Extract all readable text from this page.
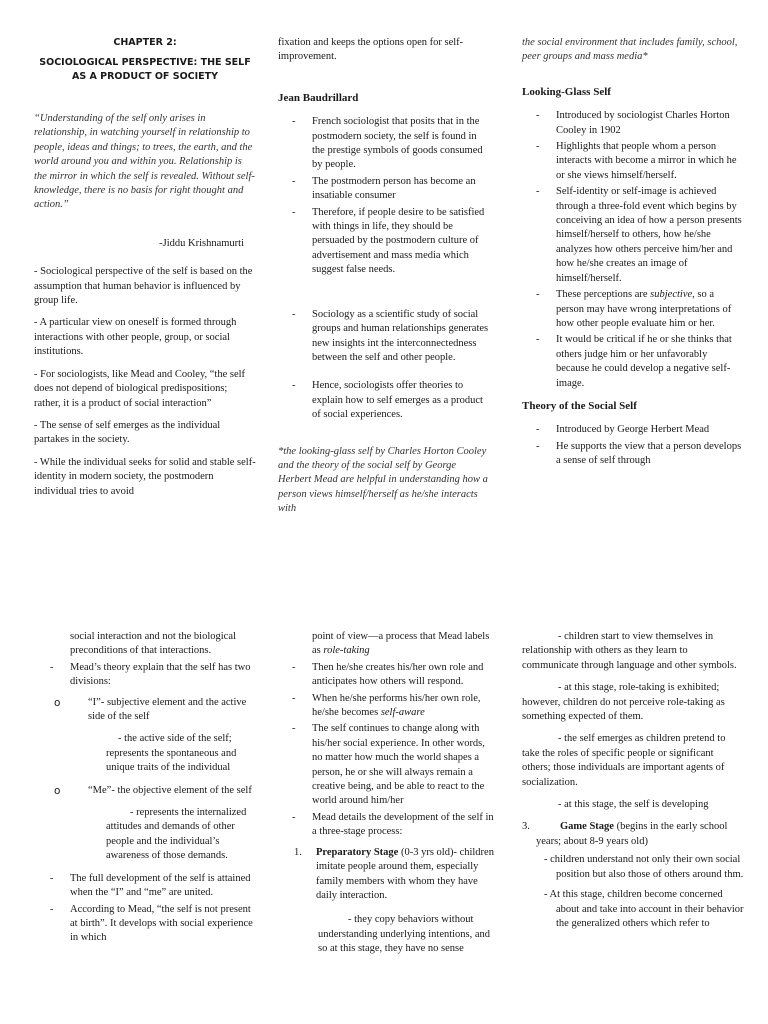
CHAPTER 2:
SOCIOLOGICAL PERSPECTIVE: THE SELF AS A PRODUCT OF SOCIETY

“Understanding of the self only arises in relationship, in watching yourself in relationship to people, ideas and things; to trees, the earth, and the world around you and within you. Relationship is the mirror in which the self is revealed. Without self-knowledge, there is no basis for right thought and action.”

-Jiddu Krishnamurti

- Sociological perspective of the self is based on the assumption that human behavior is influenced by group life.

- A particular view on oneself is formed through interactions with other people, group, or social institutions.

- For sociologists, like Mead and Cooley, “the self does not depend of biological predispositions; rather, it is a product of social interaction”

- The sense of self emerges as the individual partakes in the society.

- While the individual seeks for solid and stable self-identity in modern society, the postmodern individual tries to avoid

fixation and keeps the options open for self-improvement.

Jean Baudrillard
- French sociologist that posits that in the postmodern society, the self is found in the prestige symbols of goods consumed by people.
- The postmodern person has become an insatiable consumer
- Therefore, if people desire to be satisfied with things in life, they should be persuaded by the postmodern culture of advertisement and mass media which suggest false needs.
- Sociology as a scientific study of social groups and human relationships generates new insights int the interconnectedness between the self and other people.
- Hence, sociologists offer theories to explain how to self emerges as a product of social experiences.

*the looking-glass self by Charles Horton Cooley and the theory of the social self by George Herbert Mead are helpful in understanding how a person views himself/herself as he/she interacts with

the social environment that includes family, school, peer groups and mass media*

Looking-Glass Self
- Introduced by sociologist Charles Horton Cooley in 1902
- Highlights that people whom a person interacts with become a mirror in which he or she views himself/herself.
- Self-identity or self-image is achieved through a three-fold event which begins by conceiving an idea of how a person presents himself/herself to others, how he/she analyzes how others perceive him/her and how he/she creates an image of himself/herself.
- These perceptions are subjective, so a person may have wrong interpretations of how other people evaluate him or her.
- It would be critical if he or she thinks that others judge him or her unfavorably because he could develop a negative self-image.
Theory of the Social Self
- Introduced by George Herbert Mead
- He supports the view that a person develops a sense of self through

social interaction and not the biological preconditions of that interactions.

- Mead’s theory explain that the self has two divisions:
o	“I”- subjective element and the active side of the self

- the active side of the self; represents the spontaneous and unique traits of the individual

o	“Me”- the objective element of the self

- represents the internalized attitudes and demands of other people and the individual’s awareness of those demands.

- The full development of the self is attained when the “I” and “me” are united.
- According to Mead, “the self is not present at birth”. It develops with social experience in which

point of view—a process that Mead labels as role-taking

- Then he/she creates his/her own role and anticipates how others will respond.
- When he/she performs his/her own role, he/she becomes self-aware
- The self continues to change along with his/her social experience. In other words, no matter how much the world shapes a person, he or she will always remain a creative being, and be able to react to the world around him/her
- Mead details the development of the self in a three-stage process:
1. Preparatory Stage (0-3 yrs old)- children imitate people around them, especially family members with whom they have daily interaction.

- they copy behaviors without understanding underlying intentions, and so at this stage, they have no sense

- children start to view themselves in relationship with others as they learn to communicate through language and other symbols.

- at this stage, role-taking is exhibited; however, children do not perceive role-taking as something expected of them.

- the self emerges as children pretend to take the roles of specific people or significant others; those individuals are important agents of socialization.

- at this stage, the self is developing

3.	Game Stage (begins in the early school years; about 8-9 years old)

- children understand not only their own social position but also those of others around thm.

- At this stage, children become concerned about and take into account in their behavior the generalized others which refer to
